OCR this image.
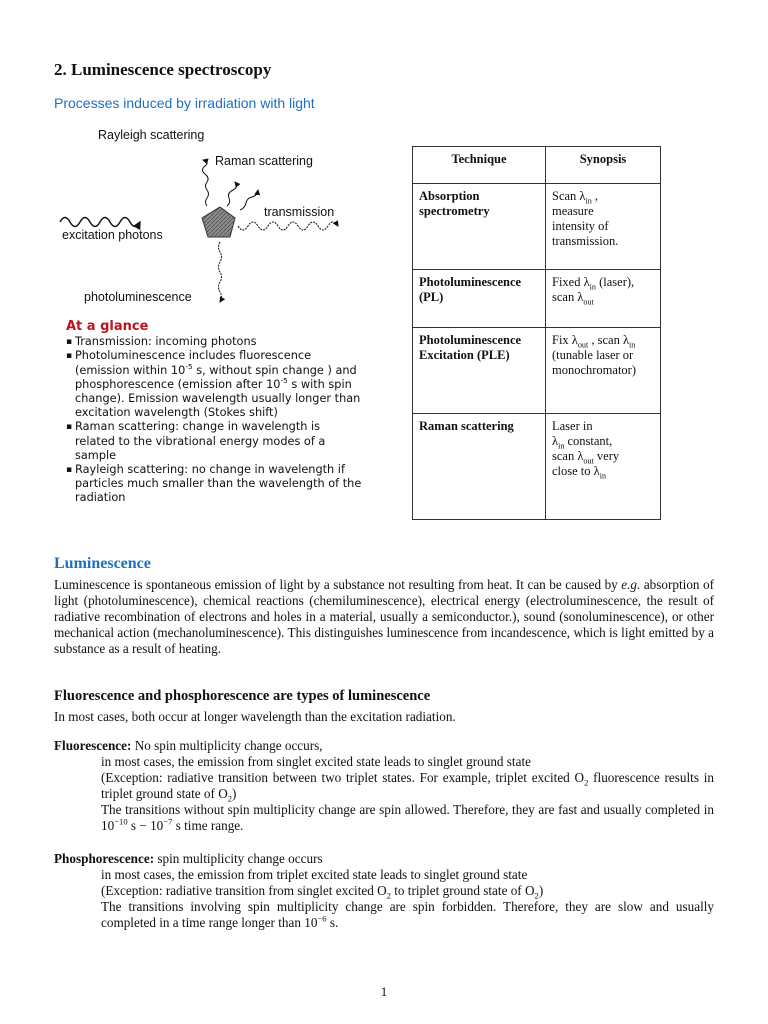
2. Luminescence spectroscopy
Processes induced by irradiation with light
Rayleigh scattering
Raman scattering
transmission
excitation photons
photoluminescence
At a glance
▪ Transmission: incoming photons
▪ Photoluminescence includes fluorescence (emission within $10^{-5}$ s, without spin change ) and phosphorescence (emission after $10^{-5}$ s with spin change). Emission wavelength usually longer than excitation wavelength (Stokes shift)
▪ Raman scattering: change in wavelength is related to the vibrational energy modes of a sample
▪ Rayleigh scattering: no change in wavelength if particles much smaller than the wavelength of the radiation
Technique	Synopsis
Absorption spectrometry	Scan $\lambda_{in}$ ,
measure
intensity of
transmission.
Photoluminescence (PL)	Fixed $\lambda_{in}$ (laser),
scan $\lambda_{out}$
Photoluminescence Excitation (PLE)	Fix $\lambda_{out}$ , scan $\lambda_{in}$
(tunable laser or
monochromator)
Raman scattering	Laser in
$\lambda_{in}$ constant,
scan $\lambda_{out}$ very
close to $\lambda_{in}$
Luminescence
Luminescence is spontaneous emission of light by a substance not resulting from heat. It can be caused by e.g. absorption of light (photoluminescence), chemical reactions (chemiluminescence), electrical energy (electroluminescence, the result of radiative recombination of electrons and holes in a material, usually a semiconductor.), sound (sonoluminescence), or other mechanical action (mechanoluminescence). This distinguishes luminescence from incandescence, which is light emitted by a substance as a result of heating.
Fluorescence and phosphorescence are types of luminescence
In most cases, both occur at longer wavelength than the excitation radiation.
Fluorescence: No spin multiplicity change occurs,
in most cases, the emission from singlet excited state leads to singlet ground state
(Exception: radiative transition between two triplet states. For example, triplet excited $O_2$ fluorescence results in triplet ground state of $O_2$)
The transitions without spin multiplicity change are spin allowed. Therefore, they are fast and usually completed in $10^{-10}$ $s - 10^{-7}$ s time range.
Phosphorescence: spin multiplicity change occurs
in most cases, the emission from triplet excited state leads to singlet ground state
(Exception: radiative transition from singlet excited $O_2$ to triplet ground state of $O_2$)
The transitions involving spin multiplicity change are spin forbidden. Therefore, they are slow and usually completed in a time range longer than $10^{-6}$ s.
1
